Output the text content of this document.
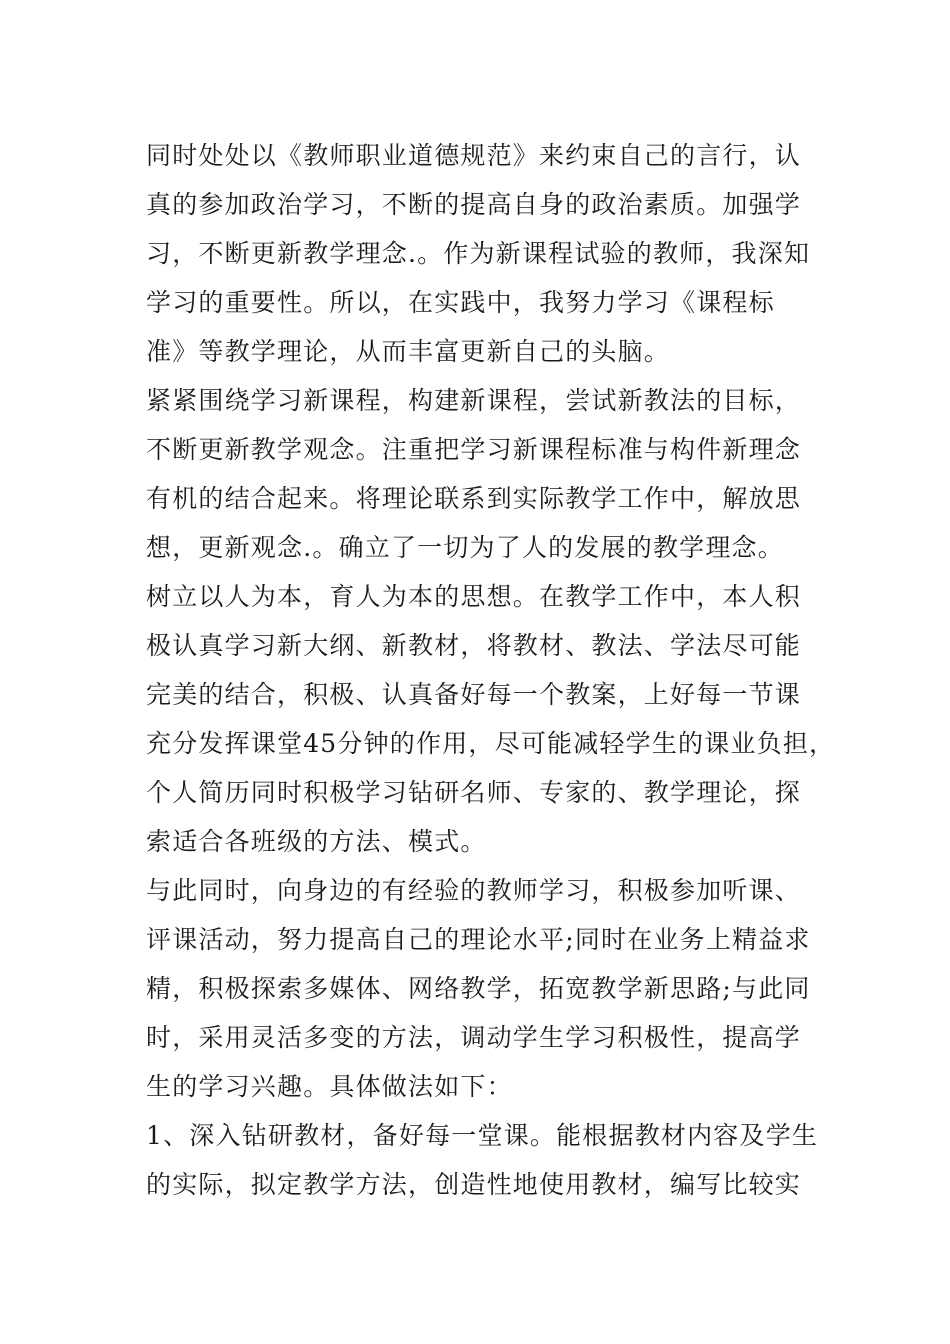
同时处处以《教师职业道德规范》来约束自己的言行，认
真的参加政治学习，不断的提高自身的政治素质。加强学
习，不断更新教学理念.。作为新课程试验的教师，我深知
学习的重要性。所以，在实践中，我努力学习《课程标
准》等教学理论，从而丰富更新自己的头脑。
紧紧围绕学习新课程，构建新课程，尝试新教法的目标，
不断更新教学观念。注重把学习新课程标准与构件新理念
有机的结合起来。将理论联系到实际教学工作中，解放思
想，更新观念.。确立了一切为了人的发展的教学理念。
树立以人为本，育人为本的思想。在教学工作中，本人积
极认真学习新大纲、新教材，将教材、教法、学法尽可能
完美的结合，积极、认真备好每一个教案，上好每一节课
充分发挥课堂45分钟的作用，尽可能减轻学生的课业负担，
个人简历同时积极学习钻研名师、专家的、教学理论，探
索适合各班级的方法、模式。
与此同时，向身边的有经验的教师学习，积极参加听课、
评课活动，努力提高自己的理论水平;同时在业务上精益求
精，积极探索多媒体、网络教学，拓宽教学新思路;与此同
时，采用灵活多变的方法，调动学生学习积极性，提高学
生的学习兴趣。具体做法如下：
1、深入钻研教材，备好每一堂课。能根据教材内容及学生
的实际，拟定教学方法，创造性地使用教材，编写比较实
